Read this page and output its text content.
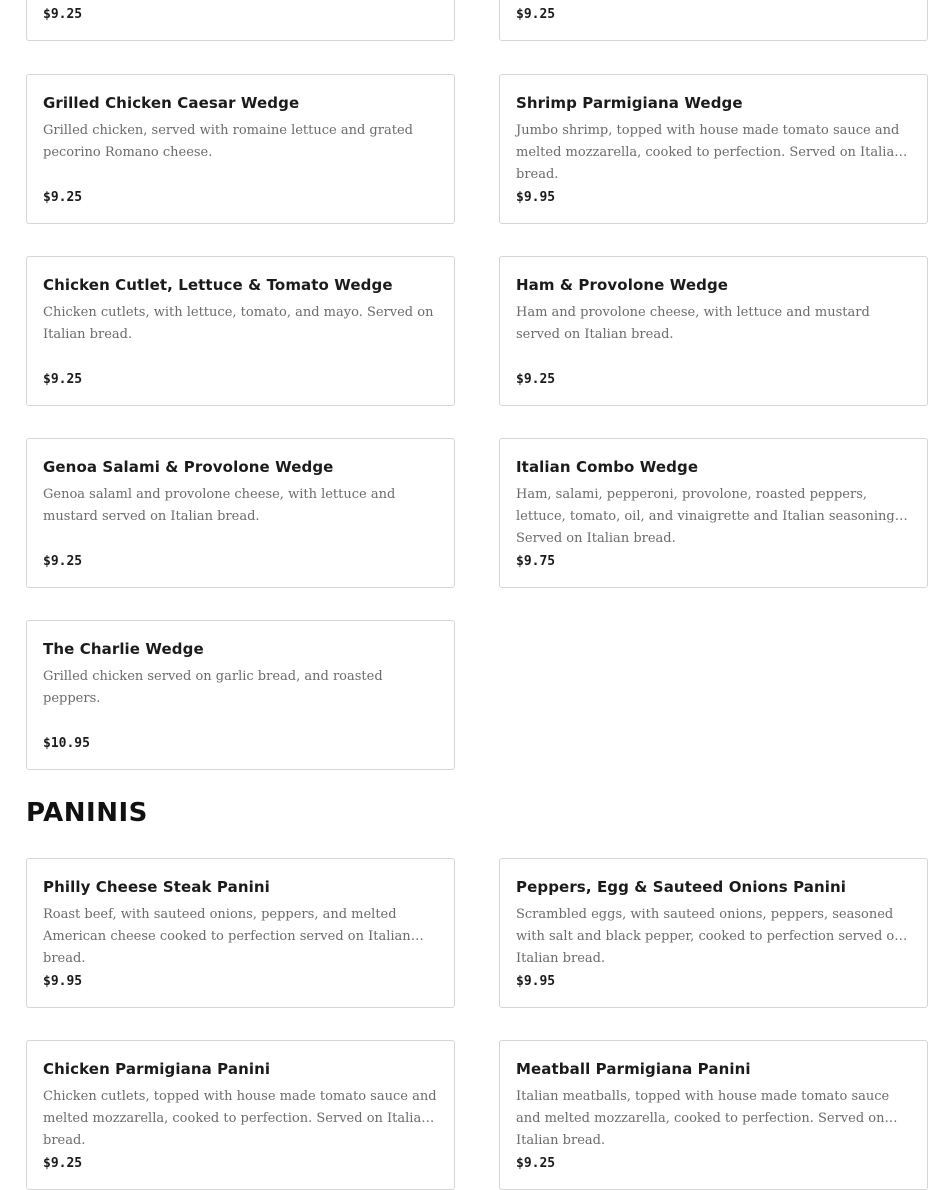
$9.25	$9.25
Grilled Chicken Caesar Wedge
Grilled chicken, served with romaine lettuce and grated pecorino Romano cheese.
$9.25
Shrimp Parmigiana Wedge
Jumbo shrimp, topped with house made tomato sauce and melted mozzarella, cooked to perfection. Served on Italian bread.
$9.95
Chicken Cutlet, Lettuce & Tomato Wedge
Chicken cutlets, with lettuce, tomato, and mayo. Served on Italian bread.
$9.25
Ham & Provolone Wedge
Ham and provolone cheese, with lettuce and mustard served on Italian bread.
$9.25
Genoa Salami & Provolone Wedge
Genoa salaml and provolone cheese, with lettuce and mustard served on Italian bread.
$9.25
Italian Combo Wedge
Ham, salami, pepperoni, provolone, roasted peppers, lettuce, tomato, oil, and vinaigrette and Italian seasonings. Served on Italian bread.
$9.75
The Charlie Wedge
Grilled chicken served on garlic bread, and roasted peppers.
$10.95
PANINIS
Philly Cheese Steak Panini
Roast beef, with sauteed onions, peppers, and melted American cheese cooked to perfection served on Italian bread.
$9.95
Peppers, Egg & Sauteed Onions Panini
Scrambled eggs, with sauteed onions, peppers, seasoned with salt and black pepper, cooked to perfection served on Italian bread.
$9.95
Chicken Parmigiana Panini
Chicken cutlets, topped with house made tomato sauce and melted mozzarella, cooked to perfection. Served on Italian bread.
$9.25
Meatball Parmigiana Panini
Italian meatballs, topped with house made tomato sauce and melted mozzarella, cooked to perfection. Served on Italian bread.
$9.25
